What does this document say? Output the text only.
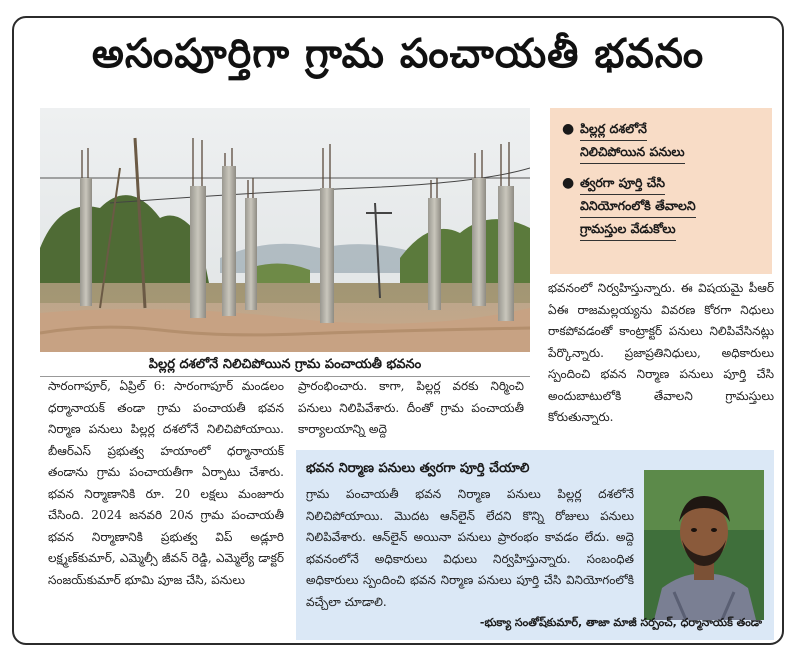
అసంపూర్తిగా గ్రామ పంచాయతీ భవనం
పిల్లర్ల దశలోనే నిలిచిపోయిన గ్రామ పంచాయతీ భవనం
● పిల్లర్ల దశలోనే
నిలిచిపోయిన పనులు
● త్వరగా పూర్తి చేసి
వినియోగంలోకి తేవాలని
గ్రామస్తుల వేడుకోలు

సారంగాపూర్, ఏప్రిల్ 6: సారంగాపూర్ మండలం ధర్మానాయక్ తండా గ్రామ పంచాయతీ భవన నిర్మాణ పనులు పిల్లర్ల దశలోనే నిలిచిపోయాయి. బీఆర్ఎస్ ప్రభుత్వ హయాంలో ధర్మానాయక్ తండాను గ్రామ పంచాయతీగా ఏర్పాటు చేశారు. భవన నిర్మాణానికి రూ. 20 లక్షలు మంజూరు చేసింది. 2024 జనవరి 20న గ్రామ పంచాయతీ భవన నిర్మాణానికి ప్రభుత్వ విప్ అడ్లూరి లక్ష్మణ్‌కుమార్, ఎమ్మెల్సీ జీవన్ రెడ్డి, ఎమ్మెల్యే డాక్టర్ సంజయ్‌కుమార్ భూమి పూజ చేసి, పనులు

ప్రారంభించారు. కాగా, పిల్లర్ల వరకు నిర్మించి పనులు నిలిపివేశారు. దీంతో గ్రామ పంచాయతీ కార్యాలయాన్ని అద్దె

భవనంలో నిర్వహిస్తున్నారు. ఈ విషయమై పీఆర్ ఏఈ రాజమల్లయ్యను వివరణ కోరగా నిధులు రాకపోవడంతో కాంట్రాక్టర్ పనులు నిలిపివేసినట్లు పేర్కొన్నారు. ప్రజాప్రతినిధులు, అధికారులు స్పందించి భవన నిర్మాణ పనులు పూర్తి చేసి అందుబాటులోకి తేవాలని గ్రామస్తులు కోరుతున్నారు.

భవన నిర్మాణ పనులు త్వరగా పూర్తి చేయాలి
గ్రామ పంచాయతీ భవన నిర్మాణ పనులు పిల్లర్ల దశలోనే నిలిచిపోయాయి. మొదట ఆన్‌లైన్ లేదని కొన్ని రోజులు పనులు నిలిపివేశారు. ఆన్‌లైన్ అయినా పనులు ప్రారంభం కావడం లేదు. అద్దె భవనంలోనే అధికారులు విధులు నిర్వహిస్తున్నారు. సంబంధిత అధికారులు స్పందించి భవన నిర్మాణ పనులు పూర్తి చేసి వినియోగంలోకి వచ్చేలా చూడాలి.
-భుక్యా సంతోష్‌కుమార్, తాజా మాజీ సర్పంచ్, ధర్మానాయక్ తండా
